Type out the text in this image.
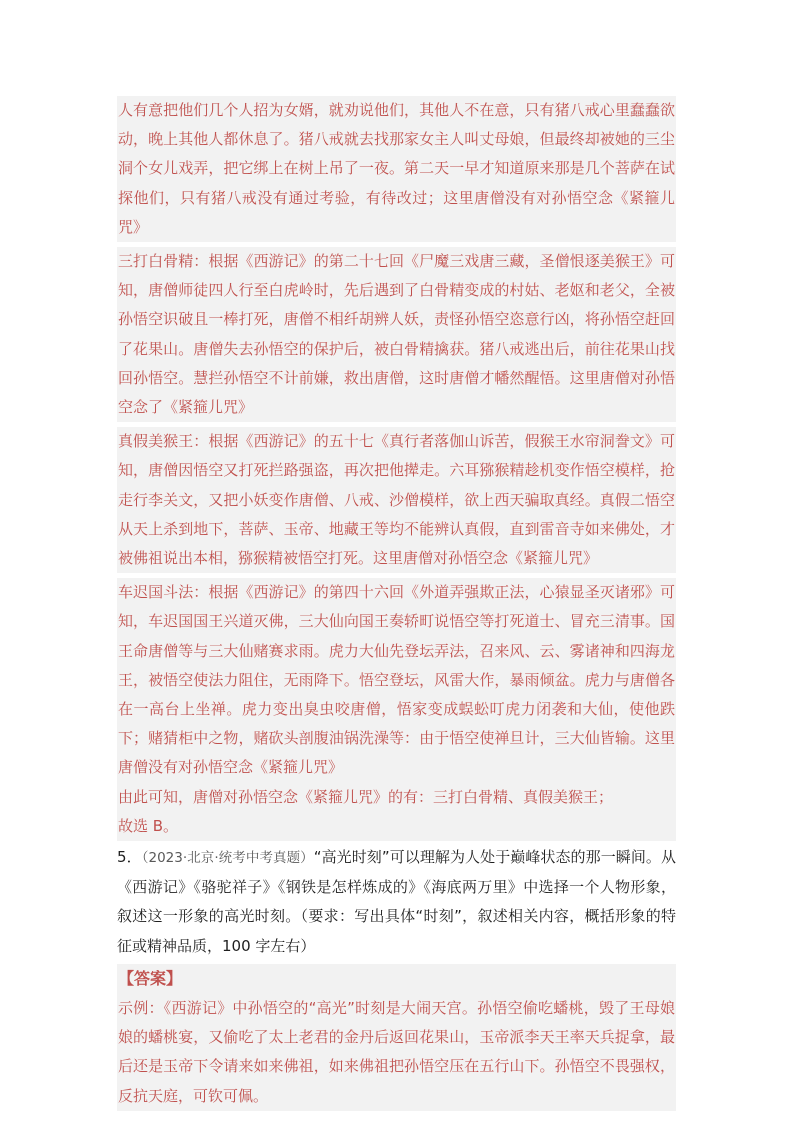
人有意把他们几个人招为女婿，就劝说他们，其他人不在意，只有猪八戒心里蠢蠢欲动，晚上其他人都休息了。猪八戒就去找那家女主人叫丈母娘，但最终却被她的三尘洞个女儿戏弄，把它绑上在树上吊了一夜。第二天一早才知道原来那是几个菩萨在试探他们，只有猪八戒没有通过考验，有待改过；这里唐僧没有对孙悟空念《紧箍儿咒》

三打白骨精：根据《西游记》的第二十七回《尸魔三戏唐三藏，圣僧恨逐美猴王》可知，唐僧师徒四人行至白虎岭时，先后遇到了白骨精变成的村姑、老妪和老父，全被孙悟空识破且一棒打死，唐僧不相纤胡辨人妖，责怪孙悟空恣意行凶，将孙悟空赶回了花果山。唐僧失去孙悟空的保护后，被白骨精擒获。猪八戒逃出后，前往花果山找回孙悟空。慧拦孙悟空不计前嫌，救出唐僧，这时唐僧才幡然醒悟。这里唐僧对孙悟空念了《紧箍儿咒》

真假美猴王：根据《西游记》的五十七《真行者落伽山诉苦，假猴王水帘洞誊文》可知，唐僧因悟空又打死拦路强盗，再次把他撵走。六耳猕猴精趁机变作悟空模样，抢走行李关文，又把小妖变作唐僧、八戒、沙僧模样，欲上西天骗取真经。真假二悟空从天上杀到地下，菩萨、玉帝、地藏王等均不能辨认真假，直到雷音寺如来佛处，才被佛祖说出本相，猕猴精被悟空打死。这里唐僧对孙悟空念《紧箍儿咒》

车迟国斗法：根据《西游记》的第四十六回《外道弄强欺正法，心猿显圣灭诸邪》可知，车迟国国王兴道灭佛，三大仙向国王奏轿町说悟空等打死道士、冒充三清事。国王命唐僧等与三大仙赌赛求雨。虎力大仙先登坛弄法，召来风、云、雾诸神和四海龙王，被悟空使法力阻住，无雨降下。悟空登坛，风雷大作，暴雨倾盆。虎力与唐僧各在一高台上坐禅。虎力变出臭虫咬唐僧，悟家变成蜈蚣叮虎力闭袭和大仙，使他跌下；赌猜柜中之物，赌砍头剖腹油锅洗澡等：由于悟空使禅旦计，三大仙皆输。这里唐僧没有对孙悟空念《紧箍儿咒》

由此可知，唐僧对孙悟空念《紧箍儿咒》的有：三打白骨精、真假美猴王；

故选 B。

5．（2023·北京·统考中考真题）“高光时刻”可以理解为人处于巅峰状态的那一瞬间。从《西游记》《骆驼祥子》《钢铁是怎样炼成的》《海底两万里》中选择一个人物形象，叙述这一形象的高光时刻。（要求：写出具体“时刻”，叙述相关内容，概括形象的特征或精神品质，100 字左右）
【答案】

示例：《西游记》中孙悟空的“高光”时刻是大闹天宫。孙悟空偷吃蟠桃，毁了王母娘娘的蟠桃宴，又偷吃了太上老君的金丹后返回花果山，玉帝派李天王率天兵捉拿，最后还是玉帝下令请来如来佛祖，如来佛祖把孙悟空压在五行山下。孙悟空不畏强权，反抗天庭，可钦可佩。
